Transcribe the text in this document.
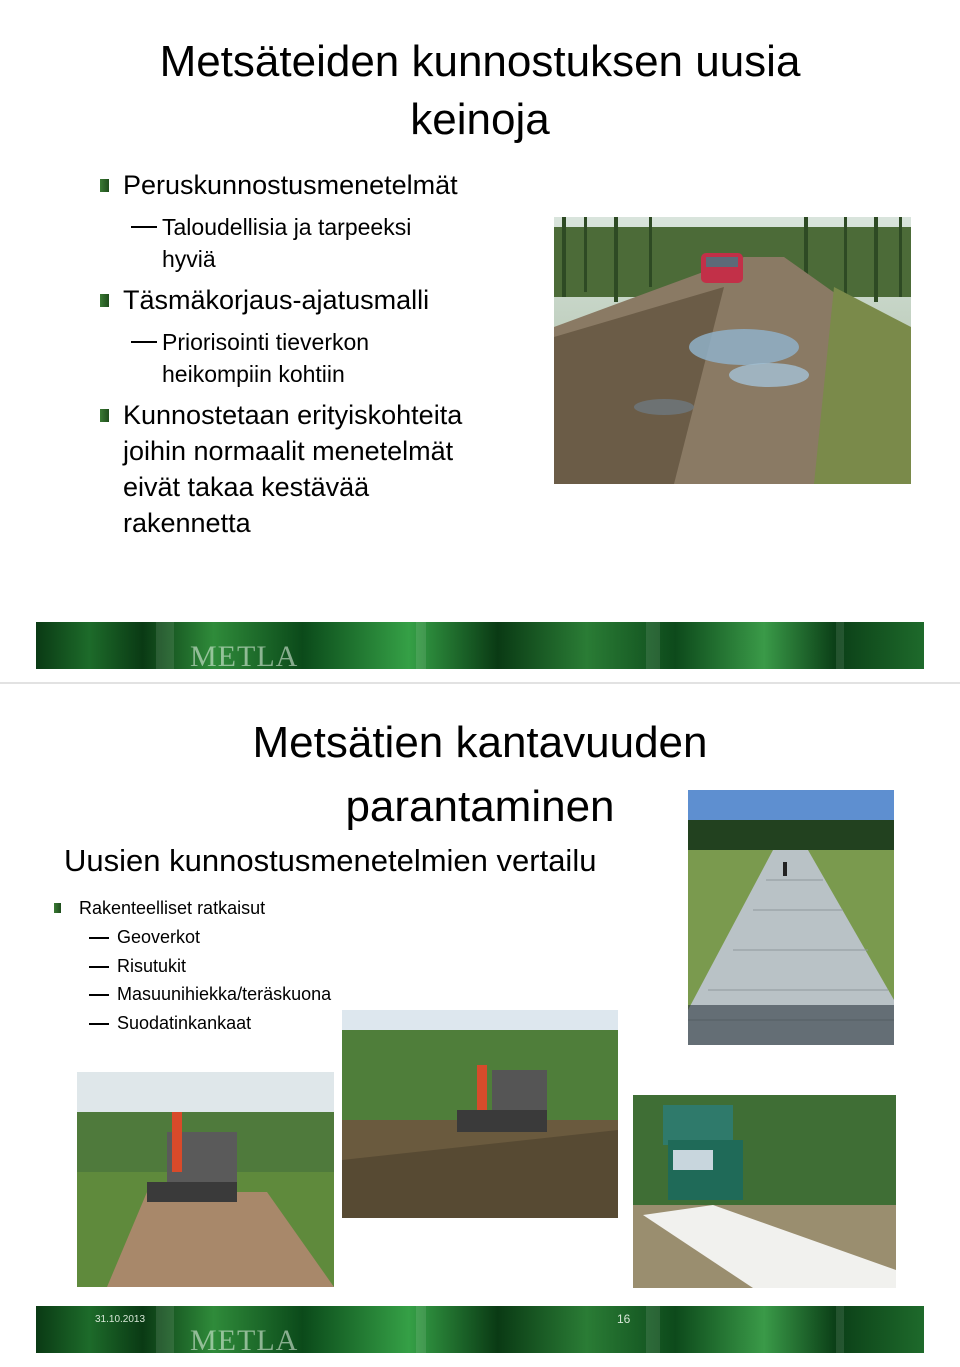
Metsäteiden kunnostuksen uusia
keinoja
Peruskunnostusmenetelmät
Taloudellisia ja tarpeeksi
hyviä
Täsmäkorjaus-ajatusmalli
Priorisointi tieverkon
heikompiin kohtiin
Kunnostetaan erityiskohteita
joihin normaalit menetelmät
eivät takaa kestävää
rakennetta
METLA
Metsätien kantavuuden
parantaminen
Uusien kunnostusmenetelmien vertailu
Rakenteelliset ratkaisut
Geoverkot
Risutukit
Masuunihiekka/teräskuona
Suodatinkankaat
31.10.2013	16
METLA
